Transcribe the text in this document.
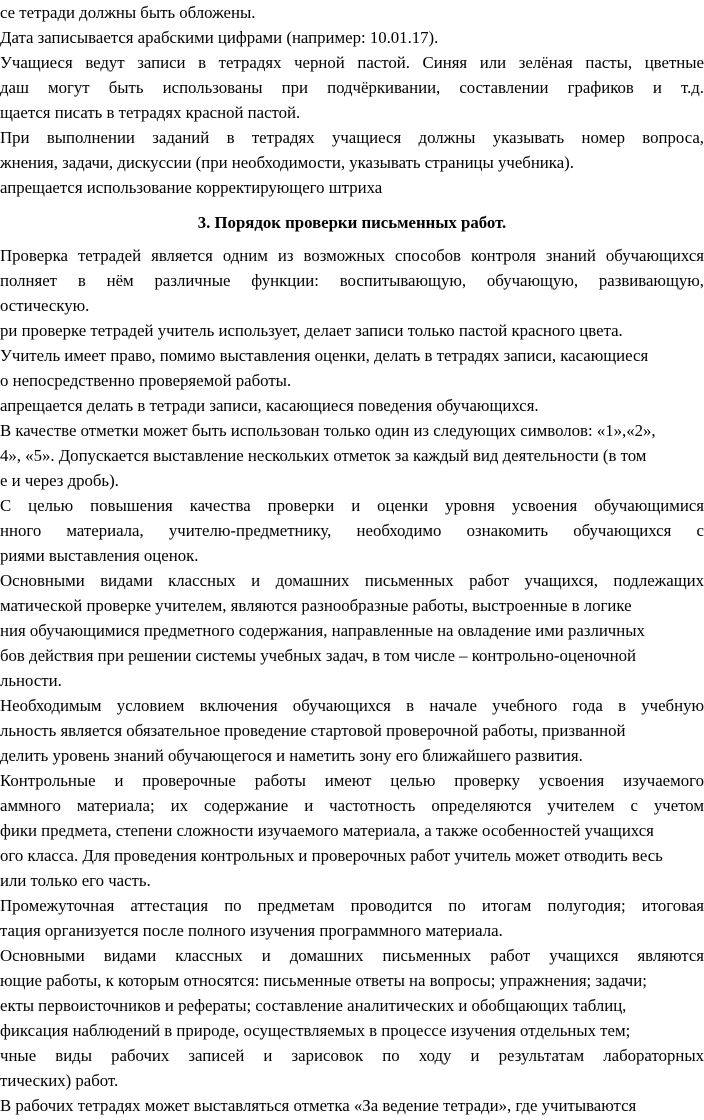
се тетради должны быть обложены.
Дата записывается арабскими цифрами (например: 10.01.17).
Учащиеся ведут записи в тетрадях черной пастой. Синяя или зелёная пасты, цветные
дaш могут быть использованы при подчёркивании, составлении графиков и т.д.
щается писать в тетрадях красной пастой.
При выполнении заданий в тетрадях учащиеся должны указывать номер вопроса,
жнения, задачи, дискуссии (при необходимости, указывать страницы учебника).
апрещается использование корректирующего штриха
3. Порядок проверки письменных работ.
Проверка тетрадей является одним из возможных способов контроля знаний обучающихся
полняет в нём различные функции: воспитывающую, обучающую, развивающую,
остическую.
ри проверке тетрадей учитель использует, делает записи только пастой красного цвета.
Учитель имеет право, помимо выставления оценки, делать в тетрадях записи, касающиеся
о непосредственно проверяемой работы.
апрещается делать в тетради записи, касающиеся поведения обучающихся.
В качестве отметки может быть использован только один из следующих символов: «1»,«2»,
4», «5». Допускается выставление нескольких отметок за каждый вид деятельности (в том
е и через дробь).
С целью повышения качества проверки и оценки уровня усвоения обучающимися
нного материала, учителю-предметнику, необходимо ознакомить обучающихся с
риями выставления оценок.
Основными видами классных и домашних письменных работ учащихся, подлежащих
матической проверке учителем, являются разнообразные работы, выстроенные в логике
ния обучающимися предметного содержания, направленные на овладение ими различных
бов действия при решении системы учебных задач, в том числе – контрольно-оценочной
льности.
Необходимым условием включения обучающихся в начале учебного года в учебную
льность является обязательное проведение стартовой проверочной работы, призванной
делить уровень знаний обучающегося и наметить зону его ближайшего развития.
Контрольные и проверочные работы имеют целью проверку усвоения изучаемого
аммного материала; их содержание и частотность определяются учителем с учетом
фики предмета, степени сложности изучаемого материала, а также особенностей учащихся
ого класса. Для проведения контрольных и проверочных работ учитель может отводить весь
или только его часть.
Промежуточная аттестация по предметам проводится по итогам полугодия; итоговая
тация организуется после полного изучения программного материала.
Основными видами классных и домашних письменных работ учащихся являются
ющие работы, к которым относятся: письменные ответы на вопросы; упражнения; задачи;
екты первоисточников и рефераты; составление аналитических и обобщающих таблиц,
фиксация наблюдений в природе, осуществляемых в процессе изучения отдельных тем;
чные виды рабочих записей и зарисовок по ходу и результатам лабораторных
тических) работ.
В рабочих тетрадях может выставляться отметка «За ведение тетради», где учитываются
